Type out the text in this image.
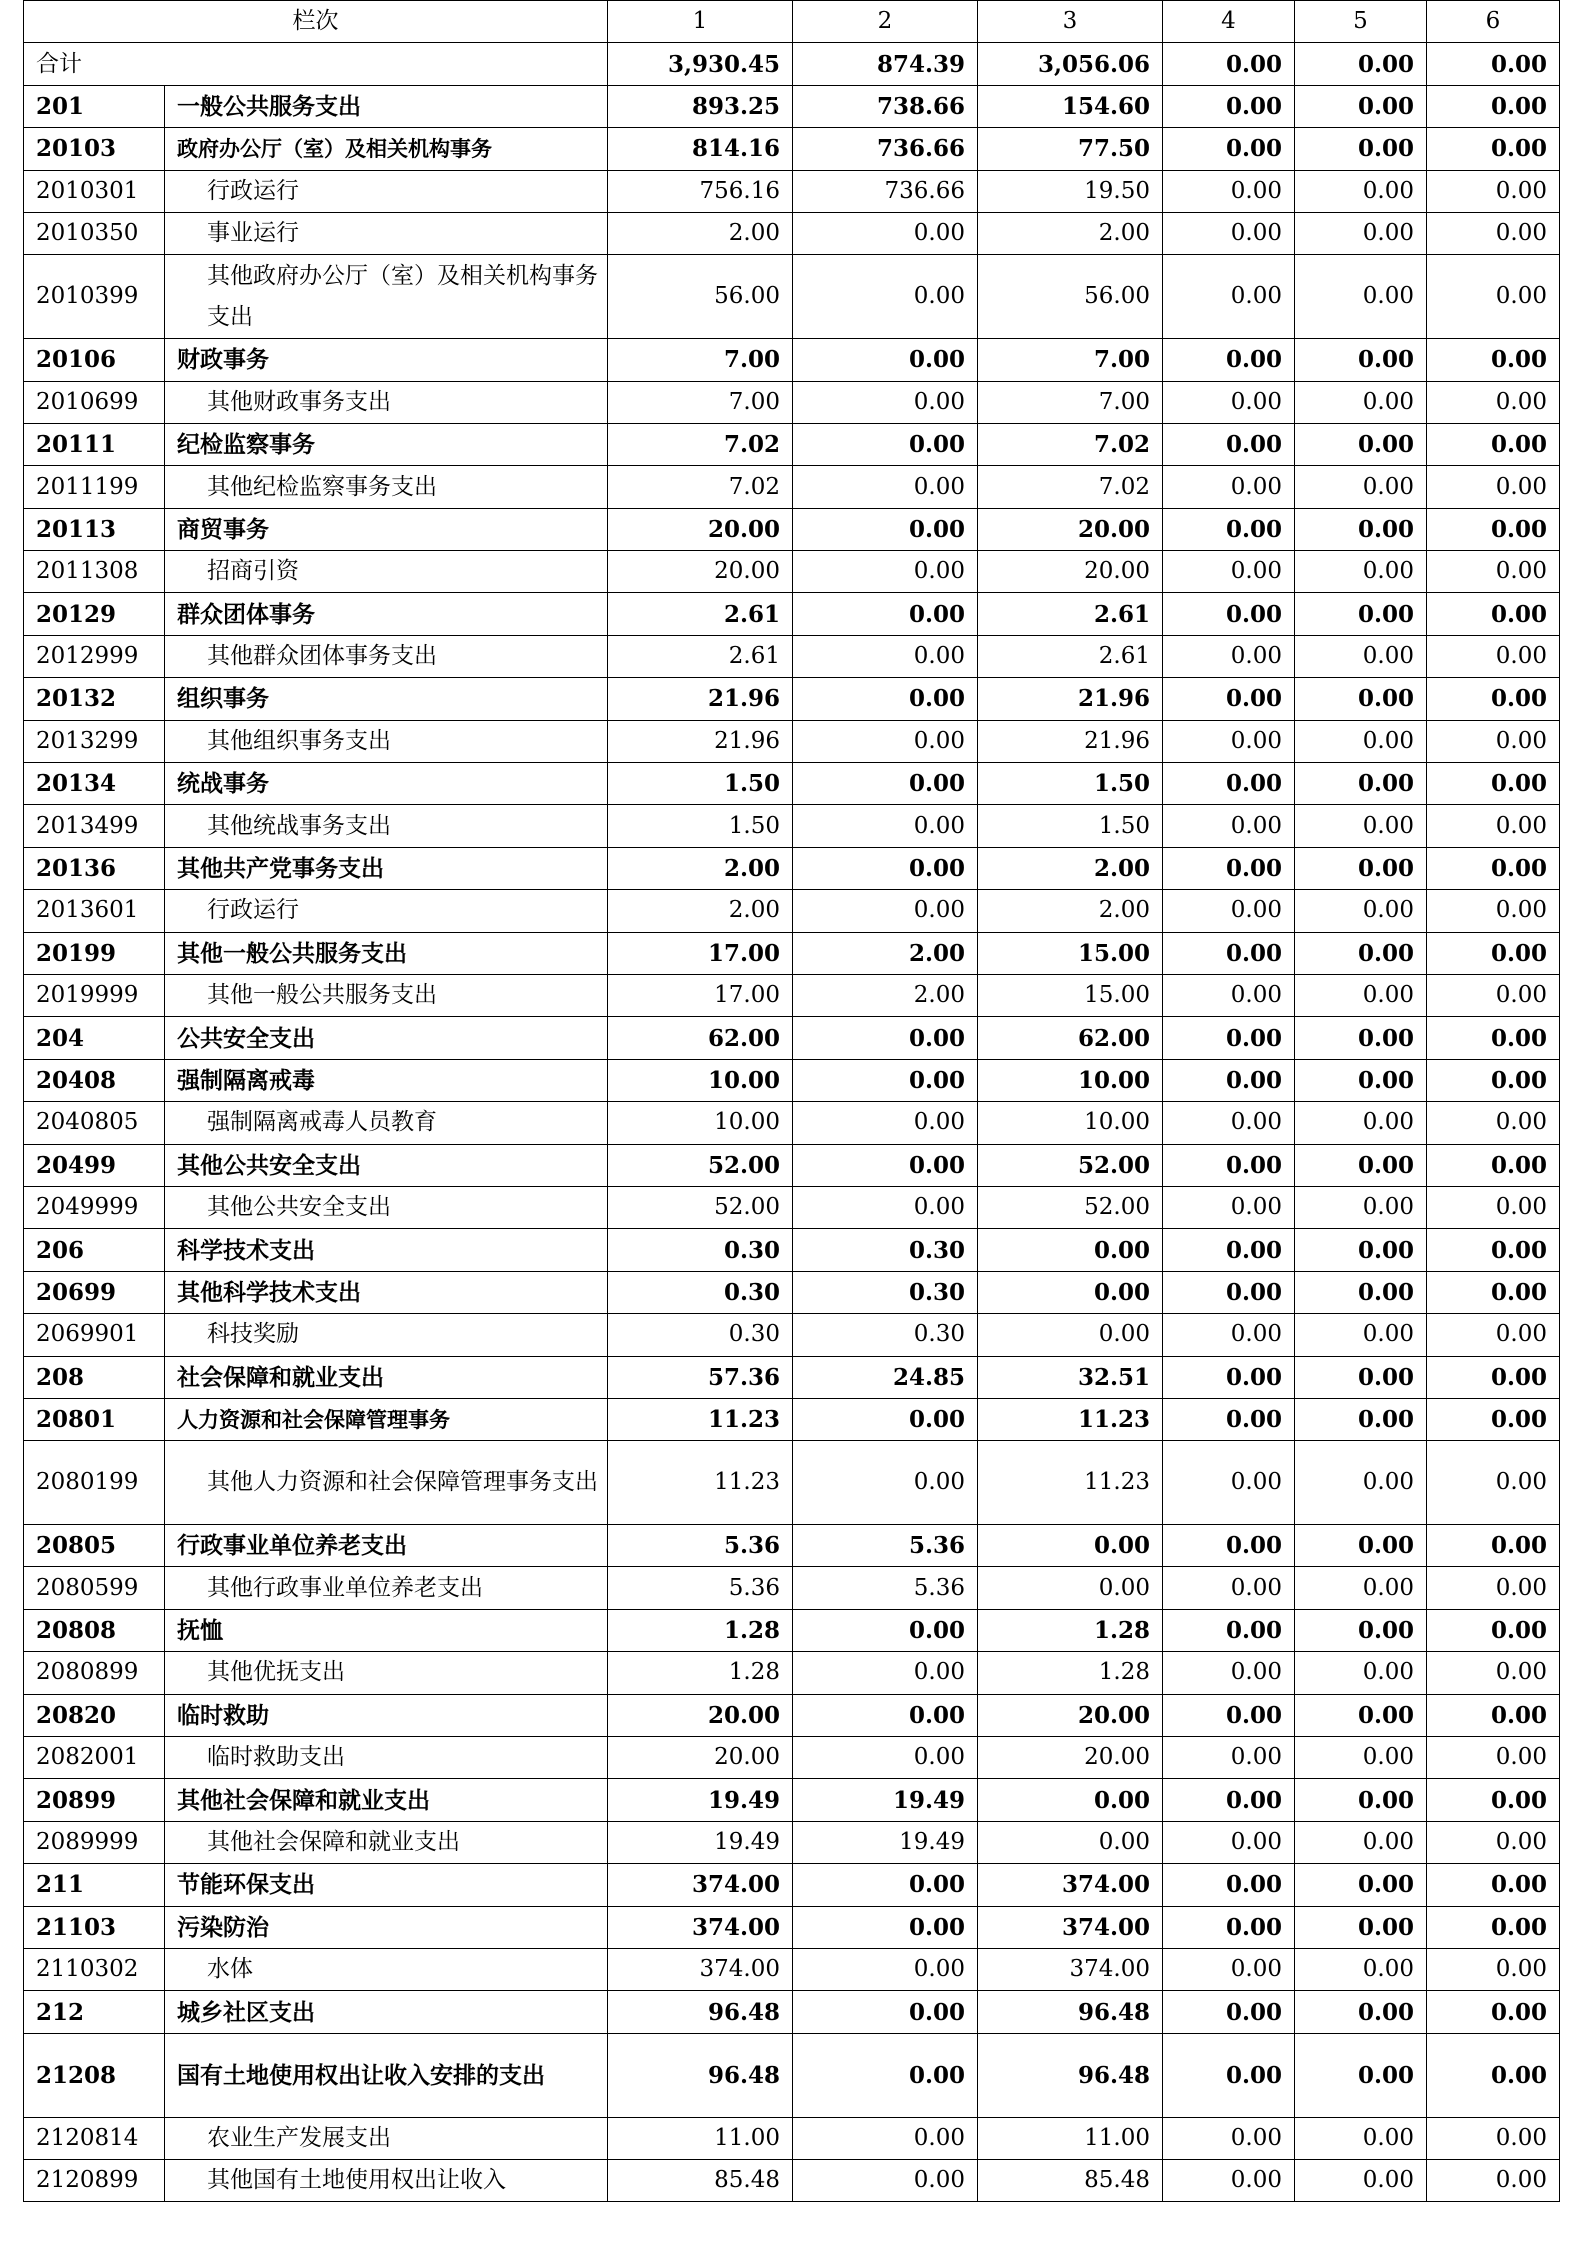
栏次		1	2	3	4	5	6
合计		3,930.45	874.39	3,056.06	0.00	0.00	0.00
201	一般公共服务支出	893.25	738.66	154.60	0.00	0.00	0.00
20103	政府办公厅（室）及相关机构事务	814.16	736.66	77.50	0.00	0.00	0.00
2010301	行政运行	756.16	736.66	19.50	0.00	0.00	0.00
2010350	事业运行	2.00	0.00	2.00	0.00	0.00	0.00
2010399	其他政府办公厅（室）及相关机构事务支出	56.00	0.00	56.00	0.00	0.00	0.00
20106	财政事务	7.00	0.00	7.00	0.00	0.00	0.00
2010699	其他财政事务支出	7.00	0.00	7.00	0.00	0.00	0.00
20111	纪检监察事务	7.02	0.00	7.02	0.00	0.00	0.00
2011199	其他纪检监察事务支出	7.02	0.00	7.02	0.00	0.00	0.00
20113	商贸事务	20.00	0.00	20.00	0.00	0.00	0.00
2011308	招商引资	20.00	0.00	20.00	0.00	0.00	0.00
20129	群众团体事务	2.61	0.00	2.61	0.00	0.00	0.00
2012999	其他群众团体事务支出	2.61	0.00	2.61	0.00	0.00	0.00
20132	组织事务	21.96	0.00	21.96	0.00	0.00	0.00
2013299	其他组织事务支出	21.96	0.00	21.96	0.00	0.00	0.00
20134	统战事务	1.50	0.00	1.50	0.00	0.00	0.00
2013499	其他统战事务支出	1.50	0.00	1.50	0.00	0.00	0.00
20136	其他共产党事务支出	2.00	0.00	2.00	0.00	0.00	0.00
2013601	行政运行	2.00	0.00	2.00	0.00	0.00	0.00
20199	其他一般公共服务支出	17.00	2.00	15.00	0.00	0.00	0.00
2019999	其他一般公共服务支出	17.00	2.00	15.00	0.00	0.00	0.00
204	公共安全支出	62.00	0.00	62.00	0.00	0.00	0.00
20408	强制隔离戒毒	10.00	0.00	10.00	0.00	0.00	0.00
2040805	强制隔离戒毒人员教育	10.00	0.00	10.00	0.00	0.00	0.00
20499	其他公共安全支出	52.00	0.00	52.00	0.00	0.00	0.00
2049999	其他公共安全支出	52.00	0.00	52.00	0.00	0.00	0.00
206	科学技术支出	0.30	0.30	0.00	0.00	0.00	0.00
20699	其他科学技术支出	0.30	0.30	0.00	0.00	0.00	0.00
2069901	科技奖励	0.30	0.30	0.00	0.00	0.00	0.00
208	社会保障和就业支出	57.36	24.85	32.51	0.00	0.00	0.00
20801	人力资源和社会保障管理事务	11.23	0.00	11.23	0.00	0.00	0.00
2080199	其他人力资源和社会保障管理事务支出	11.23	0.00	11.23	0.00	0.00	0.00
20805	行政事业单位养老支出	5.36	5.36	0.00	0.00	0.00	0.00
2080599	其他行政事业单位养老支出	5.36	5.36	0.00	0.00	0.00	0.00
20808	抚恤	1.28	0.00	1.28	0.00	0.00	0.00
2080899	其他优抚支出	1.28	0.00	1.28	0.00	0.00	0.00
20820	临时救助	20.00	0.00	20.00	0.00	0.00	0.00
2082001	临时救助支出	20.00	0.00	20.00	0.00	0.00	0.00
20899	其他社会保障和就业支出	19.49	19.49	0.00	0.00	0.00	0.00
2089999	其他社会保障和就业支出	19.49	19.49	0.00	0.00	0.00	0.00
211	节能环保支出	374.00	0.00	374.00	0.00	0.00	0.00
21103	污染防治	374.00	0.00	374.00	0.00	0.00	0.00
2110302	水体	374.00	0.00	374.00	0.00	0.00	0.00
212	城乡社区支出	96.48	0.00	96.48	0.00	0.00	0.00
21208	国有土地使用权出让收入安排的支出	96.48	0.00	96.48	0.00	0.00	0.00
2120814	农业生产发展支出	11.00	0.00	11.00	0.00	0.00	0.00
2120899	其他国有土地使用权出让收入	85.48	0.00	85.48	0.00	0.00	0.00
